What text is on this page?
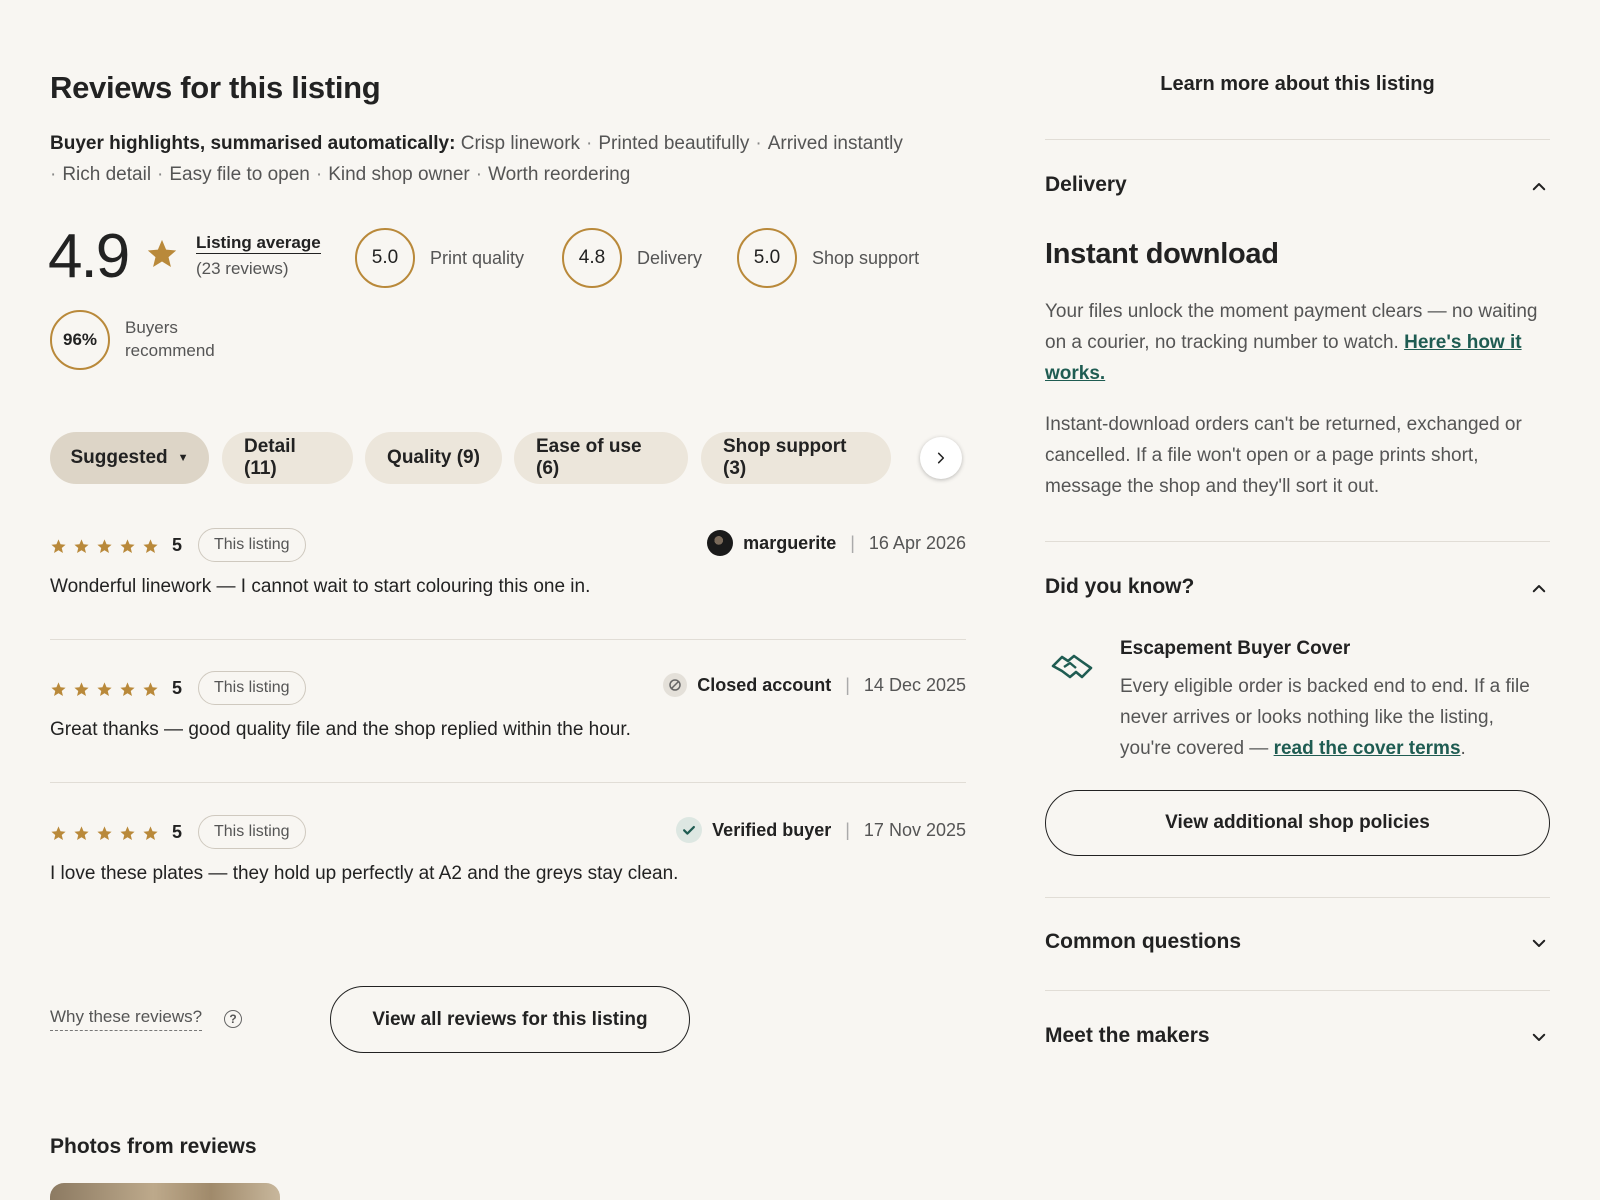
Reviews for this listing
Buyer highlights, summarised automatically: Crisp linework · Printed beautifully · Arrived instantly
· Rich detail · Easy file to open · Kind shop owner · Worth reordering
4.9	Listing average
(23 reviews)
5.0	Print quality	4.8	Delivery	5.0	Shop support
96%
Buyers
recommend
Suggested ▼
Detail (11)
Quality (9)
Ease of use (6)
Shop support (3)
5	This listing	marguerite | 16 Apr 2026
Wonderful linework — I cannot wait to start colouring this one in.
5	This listing	Closed account | 14 Dec 2025
Great thanks — good quality file and the shop replied within the hour.
5	This listing	Verified buyer | 17 Nov 2025
I love these plates — they hold up perfectly at A2 and the greys stay clean.
Why these reviews?	?	View all reviews for this listing
Photos from reviews
Learn more about this listing
Delivery
Instant download

Your files unlock the moment payment clears — no waiting on a courier, no tracking number to watch. Here's how it works.

Instant-download orders can't be returned, exchanged or cancelled. If a file won't open or a page prints short, message the shop and they'll sort it out.

Did you know?
Escapement Buyer Cover

Every eligible order is backed end to end. If a file never arrives or looks nothing like the listing, you're covered — read the cover terms.

View additional shop policies
Common questions
Meet the makers
